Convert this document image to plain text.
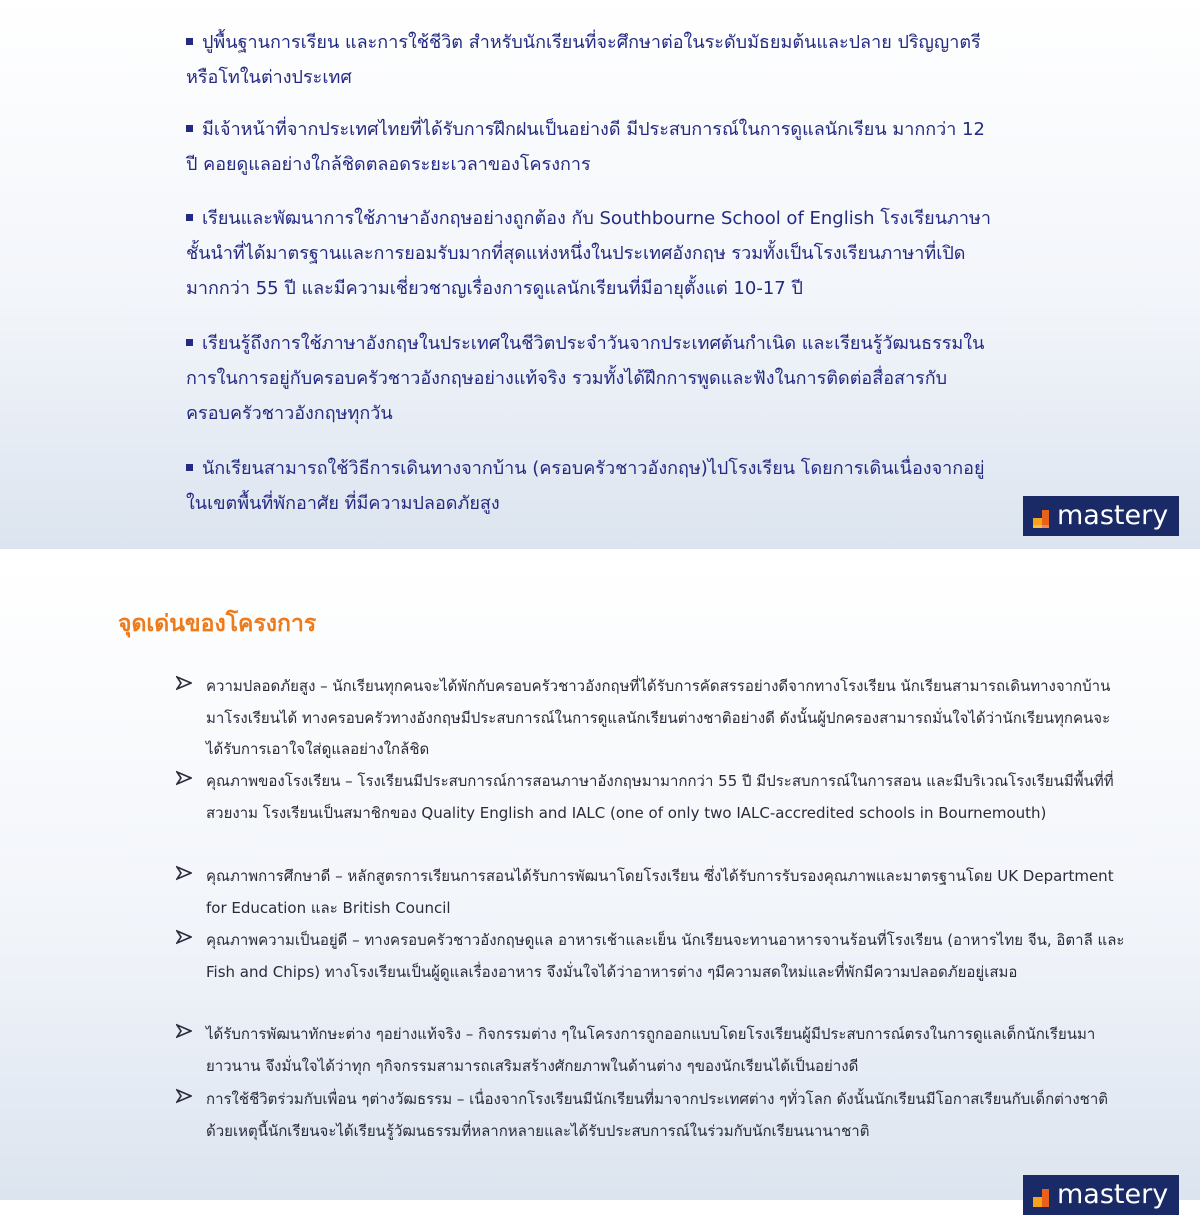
ปูพื้นฐานการเรียน และการใช้ชีวิต สำหรับนักเรียนที่จะศึกษาต่อในระดับมัธยมต้นและปลาย ปริญญาตรี หรือโทในต่างประเทศ
มีเจ้าหน้าที่จากประเทศไทยที่ได้รับการฝึกฝนเป็นอย่างดี มีประสบการณ์ในการดูแลนักเรียน มากกว่า 12 ปี คอยดูแลอย่างใกล้ชิดตลอดระยะเวลาของโครงการ
เรียนและพัฒนาการใช้ภาษาอังกฤษอย่างถูกต้อง กับ Southbourne School of English โรงเรียนภาษาชั้นนำที่ได้มาตรฐานและการยอมรับมากที่สุดแห่งหนึ่งในประเทศอังกฤษ รวมทั้งเป็นโรงเรียนภาษาที่เปิดมากกว่า 55 ปี และมีความเชี่ยวชาญเรื่องการดูแลนักเรียนที่มีอายุตั้งแต่ 10-17 ปี
เรียนรู้ถึงการใช้ภาษาอังกฤษในประเทศในชีวิตประจำวันจากประเทศต้นกำเนิด และเรียนรู้วัฒนธรรมในการในการอยู่กับครอบครัวชาวอังกฤษอย่างแท้จริง รวมทั้งได้ฝึกการพูดและฟังในการติดต่อสื่อสารกับครอบครัวชาวอังกฤษทุกวัน
นักเรียนสามารถใช้วิธีการเดินทางจากบ้าน (ครอบครัวชาวอังกฤษ)ไปโรงเรียน โดยการเดินเนื่องจากอยู่ในเขตพื้นที่พักอาศัย ที่มีความปลอดภัยสูง	mastery
จุดเด่นของโครงการ
ความปลอดภัยสูง – นักเรียนทุกคนจะได้พักกับครอบครัวชาวอังกฤษที่ได้รับการคัดสรรอย่างดีจากทางโรงเรียน นักเรียนสามารถเดินทางจากบ้านมาโรงเรียนได้ ทางครอบครัวทางอังกฤษมีประสบการณ์ในการดูแลนักเรียนต่างชาติอย่างดี ดังนั้นผู้ปกครองสามารถมั่นใจได้ว่านักเรียนทุกคนจะได้รับการเอาใจใส่ดูแลอย่างใกล้ชิด
คุณภาพของโรงเรียน – โรงเรียนมีประสบการณ์การสอนภาษาอังกฤษมามากกว่า 55 ปี มีประสบการณ์ในการสอน และมีบริเวณโรงเรียนมีพื้นที่ที่สวยงาม โรงเรียนเป็นสมาชิกของ Quality English and IALC (one of only two IALC-accredited schools in Bournemouth)
คุณภาพการศึกษาดี – หลักสูตรการเรียนการสอนได้รับการพัฒนาโดยโรงเรียน ซึ่งได้รับการรับรองคุณภาพและมาตรฐานโดย UK Department for Education และ British Council
คุณภาพความเป็นอยู่ดี – ทางครอบครัวชาวอังกฤษดูแล อาหารเช้าและเย็น นักเรียนจะทานอาหารจานร้อนที่โรงเรียน (อาหารไทย จีน, อิตาลี และ Fish and Chips) ทางโรงเรียนเป็นผู้ดูแลเรื่องอาหาร จึงมั่นใจได้ว่าอาหารต่าง ๆมีความสดใหม่และที่พักมีความปลอดภัยอยู่เสมอ
ได้รับการพัฒนาทักษะต่าง ๆอย่างแท้จริง – กิจกรรมต่าง ๆในโครงการถูกออกแบบโดยโรงเรียนผู้มีประสบการณ์ตรงในการดูแลเด็กนักเรียนมายาวนาน จึงมั่นใจได้ว่าทุก ๆกิจกรรมสามารถเสริมสร้างศักยภาพในด้านต่าง ๆของนักเรียนได้เป็นอย่างดี
การใช้ชีวิตร่วมกับเพื่อน ๆต่างวัฒธรรม – เนื่องจากโรงเรียนมีนักเรียนที่มาจากประเทศต่าง ๆทั่วโลก ดังนั้นนักเรียนมีโอกาสเรียนกับเด็กต่างชาติ ด้วยเหตุนี้นักเรียนจะได้เรียนรู้วัฒนธรรมที่หลากหลายและได้รับประสบการณ์ในร่วมกับนักเรียนนานาชาติ
mastery
